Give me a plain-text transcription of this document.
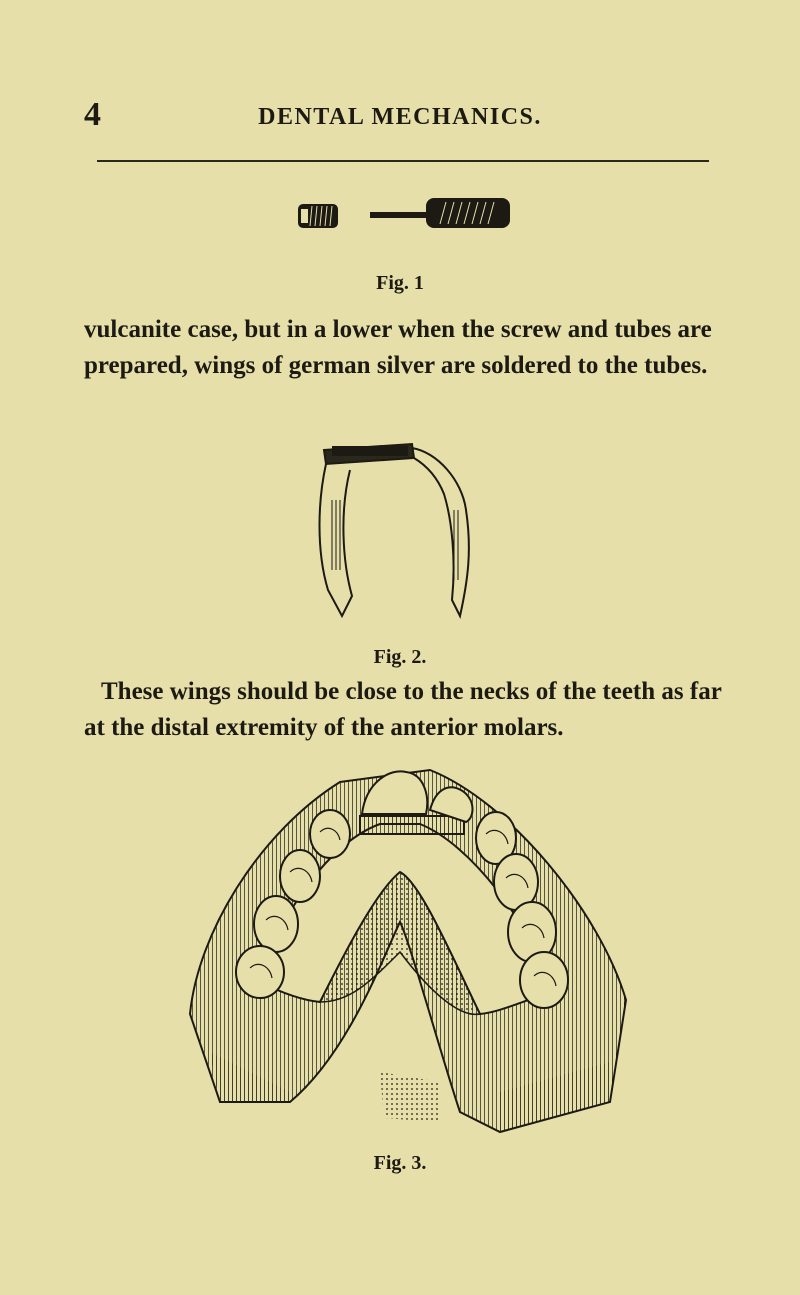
4	DENTAL MECHANICS.
Fig. 1
vulcanite case, but in a lower when the screw and tubes are
prepared, wings of german silver are soldered to the tubes.
Fig. 2.
These wings should be close to the necks of the teeth as far
at the distal extremity of the anterior molars.
Fig. 3.
